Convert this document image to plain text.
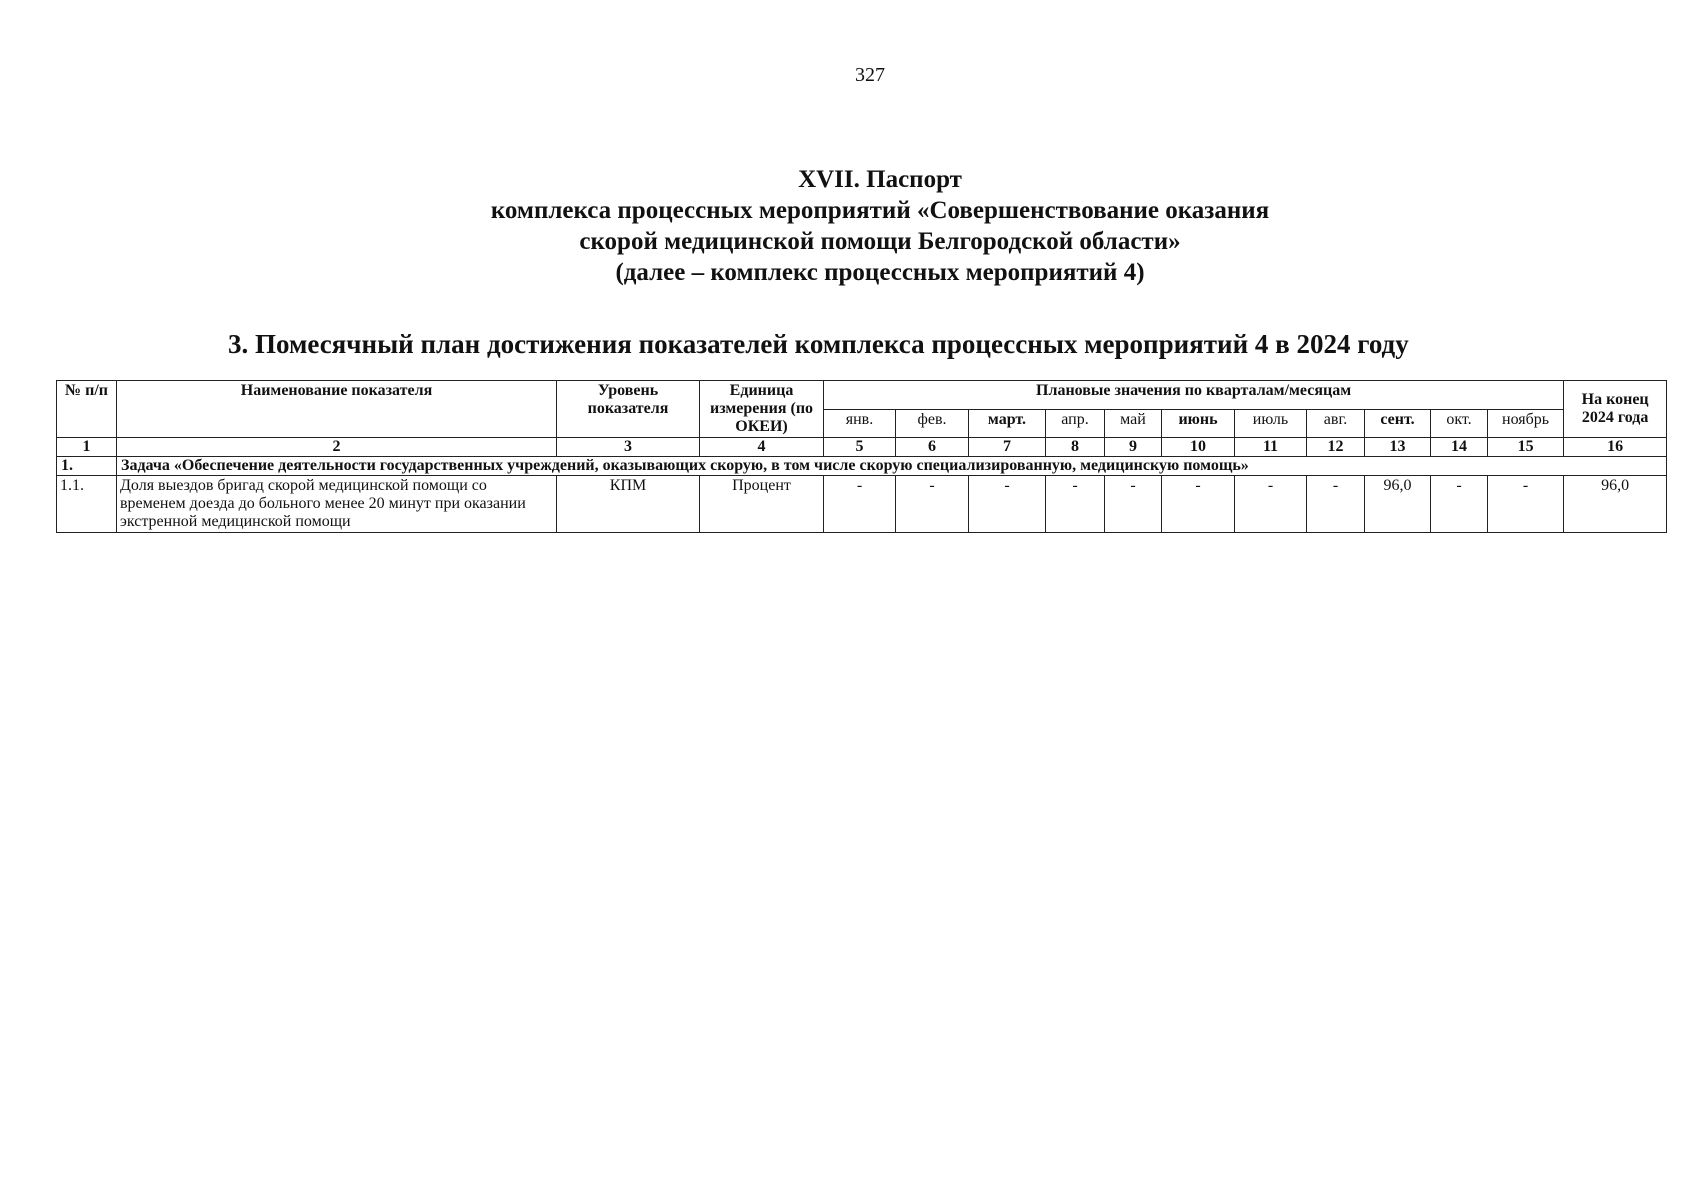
327
XVII. Паспорт
комплекса процессных мероприятий «Совершенствование оказания
скорой медицинской помощи Белгородской области»
(далее – комплекс процессных мероприятий 4)
3. Помесячный план достижения показателей комплекса процессных мероприятий 4 в 2024 году
№ п/п	Наименование показателя	Уровень показателя	Единица измерения (по ОКЕИ)	Плановые значения по кварталам/месяцам											На конец 2024 года
				янв.	фев.	март.	апр.	май	июнь	июль	авг.	сент.	окт.	ноябрь	
1	2	3	4	5	6	7	8	9	10	11	12	13	14	15	16
1.	Задача «Обеспечение деятельности государственных учреждений, оказывающих скорую, в том числе скорую специализированную, медицинскую помощь»														
1.1.	Доля выездов бригад скорой медицинской помощи со временем доезда до больного менее 20 минут при оказании экстренной медицинской помощи	КПМ	Процент	-	-	-	-	-	-	-	-	96,0	-	-	96,0
